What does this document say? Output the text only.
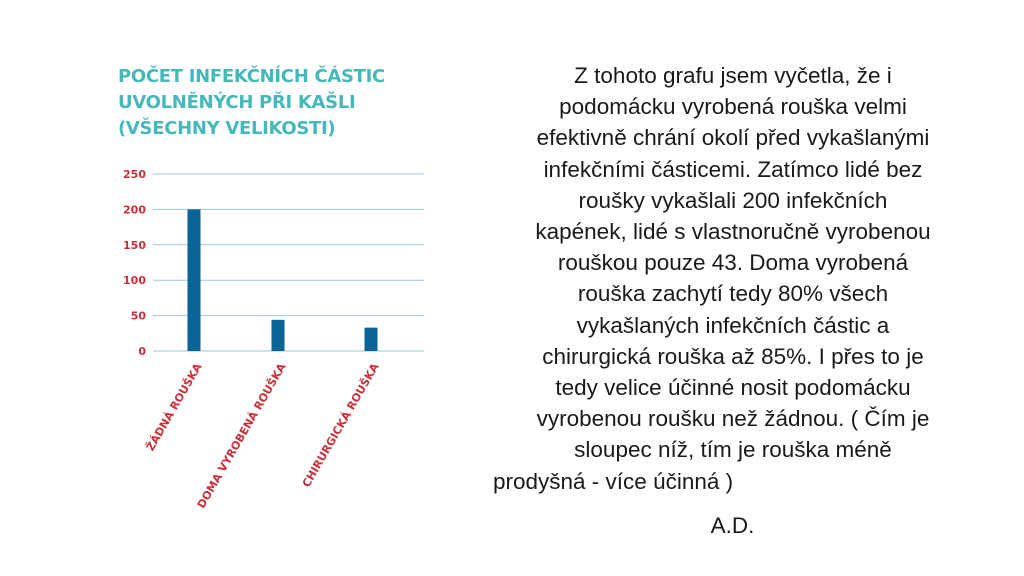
POČET INFEKČNÍCH ČÁSTIC
UVOLNĚNÝCH PŘI KAŠLI
(VŠECHNY VELIKOSTI)
250
200
150
100
50
0
ŽÁDNÁ ROUŠKA
DOMA VYROBENÁ ROUŠKA CHIRURGICKÁ ROUŠKA
Z tohoto grafu jsem vyčetla, že i
podomácku vyrobená rouška velmi
efektivně chrání okolí před vykašlanými
infekčními částicemi. Zatímco lidé bez
roušky vykašlali 200 infekčních
kapének, lidé s vlastnoručně vyrobenou
rouškou pouze 43. Doma vyrobená
rouška zachytí tedy 80% všech
vykašlaných infekčních částic a
chirurgická rouška až 85%. I přes to je
tedy velice účinné nosit podomácku
vyrobenou roušku než žádnou. ( Čím je
sloupec níž, tím je rouška méně
prodyšná - více účinná )
A.D.
